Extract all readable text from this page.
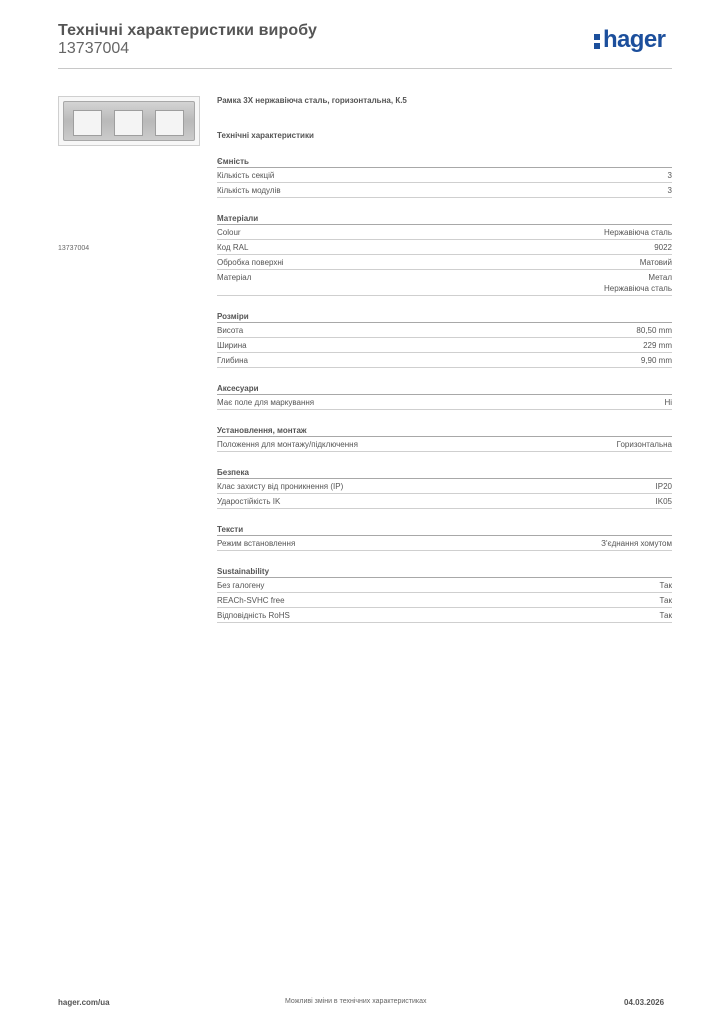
Технічні характеристики виробу
13737004	hager
13737004
Рамка 3X нержавіюча сталь, горизонтальна, К.5
Технічні характеристики
Ємність
Кількість секцій	3
Кількість модулів	3
Матеріали
Colour	Нержавіюча сталь
Код RAL	9022
Обробка поверхні	Матовий
Матеріал	Метал
Нержавіюча сталь
Розміри
Висота	80,50 mm
Ширина	229 mm
Глибина	9,90 mm
Аксесуари
Має поле для маркування	Ні
Установлення, монтаж
Положення для монтажу/підключення	Горизонтальна
Безпека
Клас захисту від проникнення (IP)	IP20
Ударостійкість IK	IK05
Тексти
Режим встановлення	З'єднання хомутом
Sustainability
Без галогену	Так
REACh-SVHC free	Так
Відповідність RoHS	Так
hager.com/ua	Можливі зміни в технічних характеристиках	04.03.2026
